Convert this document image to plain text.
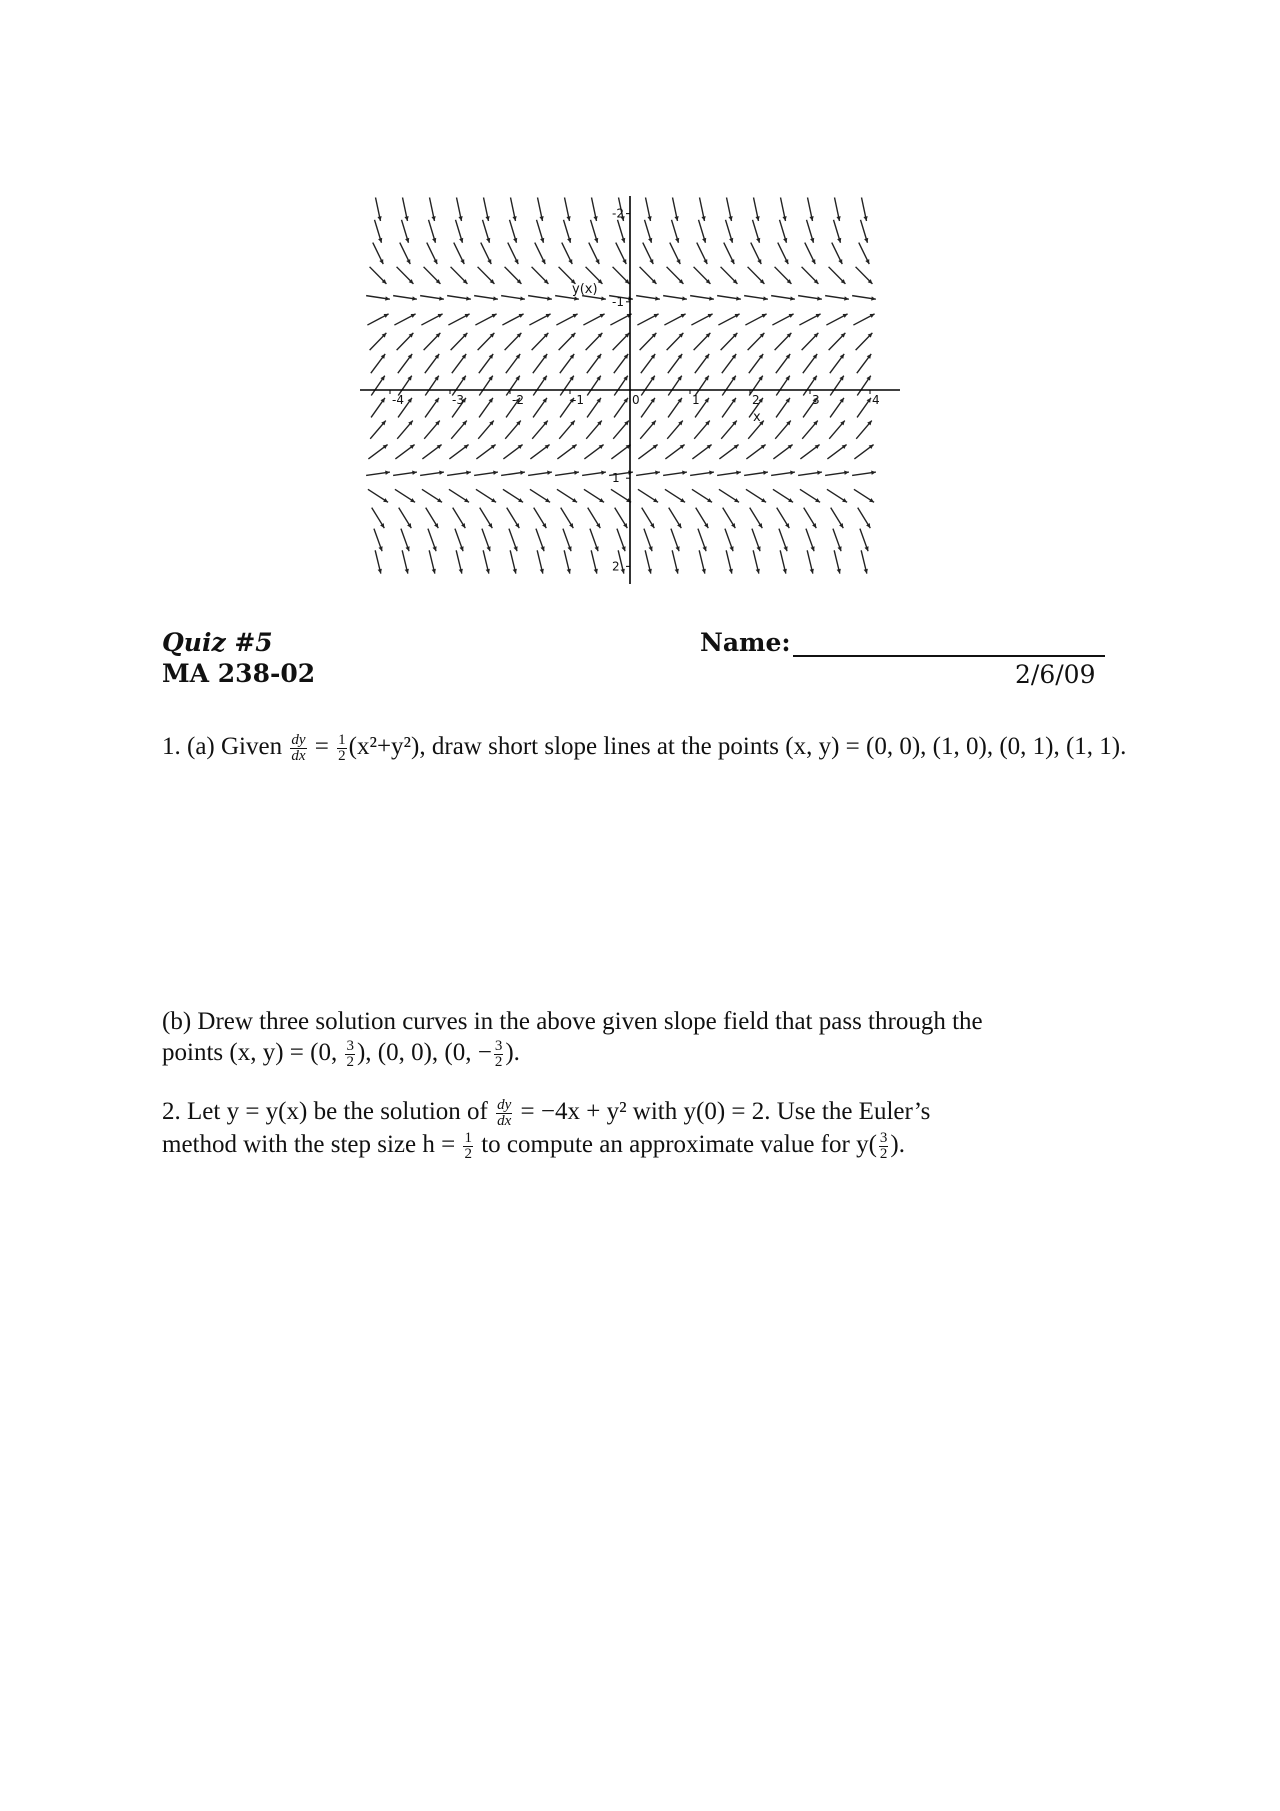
-4	-3	-2	-1	0	1	2	3	4
2
1
-1
-2
y(x)
x
Quiz #5
MA 238-02
Name:
2/6/09
1. (a) Given $\frac{dy}{dx} = \frac{1}{2} (x^2+y^2)$, draw short slope lines at the points (x, y) = (0, 0), (1, 0), (0, 1), (1, 1).
(b) Drew three solution curves in the above given slope field that pass through the
points (x, y) = (0, $\frac{3}{2}$ ), (0, 0), (0, − $\frac{3}{2}$ ).
2. Let y = y(x) be the solution of $\frac{dy}{dx} = -4x + y^2$ with y(0) = 2. Use the Euler’s
method with the step size $h = \frac{1}{2}$ to compute an approximate value for $y( \frac{3}{2}$ ).
